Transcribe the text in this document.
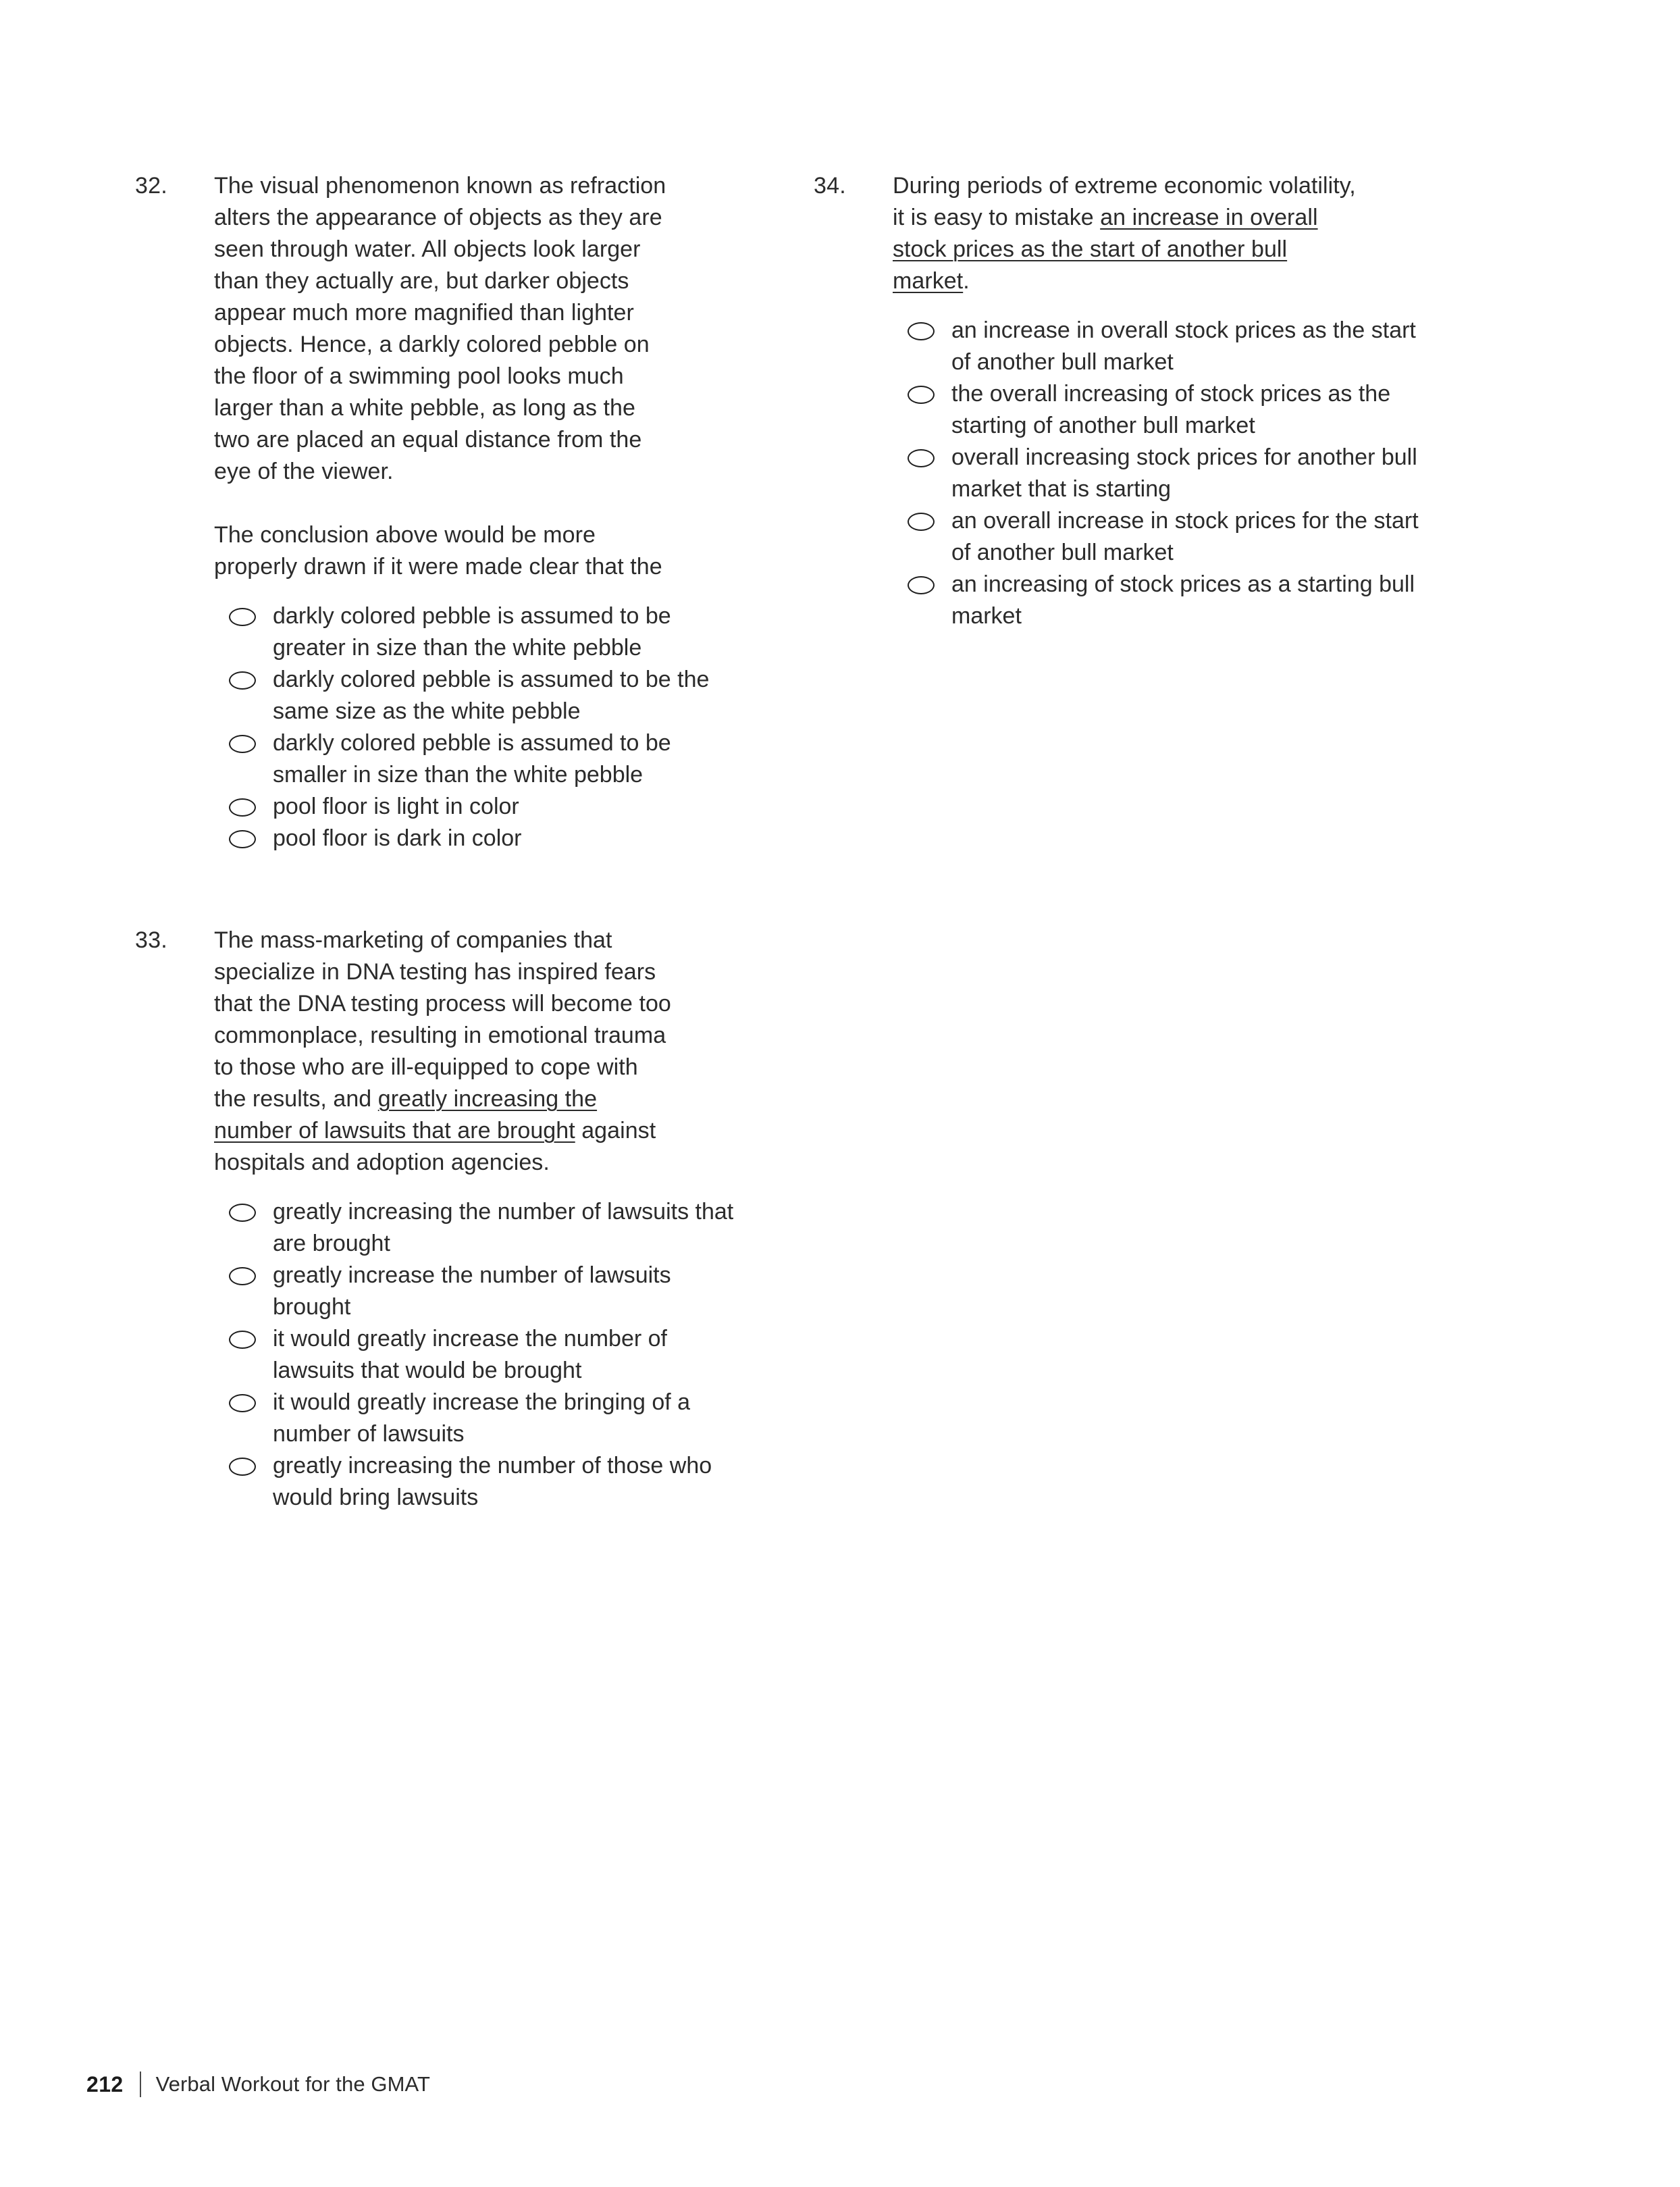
32.	The visual phenomenon known as refraction alters the appearance of objects as they are seen through water. All objects look larger than they actually are, but darker objects appear much more magnified than lighter objects. Hence, a darkly colored pebble on the floor of a swimming pool looks much larger than a white pebble, as long as the two are placed an equal distance from the eye of the viewer.
The conclusion above would be more properly drawn if it were made clear that the
darkly colored pebble is assumed to be greater in size than the white pebble
darkly colored pebble is assumed to be the same size as the white pebble
darkly colored pebble is assumed to be smaller in size than the white pebble
pool floor is light in color
pool floor is dark in color
33.	The mass-marketing of companies that specialize in DNA testing has inspired fears that the DNA testing process will become too commonplace, resulting in emotional trauma to those who are ill-equipped to cope with the results, and greatly increasing the number of lawsuits that are brought against hospitals and adoption agencies.
greatly increasing the number of lawsuits that are brought
greatly increase the number of lawsuits brought
it would greatly increase the number of lawsuits that would be brought
it would greatly increase the bringing of a number of lawsuits
greatly increasing the number of those who would bring lawsuits
34.	During periods of extreme economic volatility, it is easy to mistake an increase in overall stock prices as the start of another bull market.
an increase in overall stock prices as the start of another bull market
the overall increasing of stock prices as the starting of another bull market
overall increasing stock prices for another bull market that is starting
an overall increase in stock prices for the start of another bull market
an increasing of stock prices as a starting bull market
212 Verbal Workout for the GMAT
